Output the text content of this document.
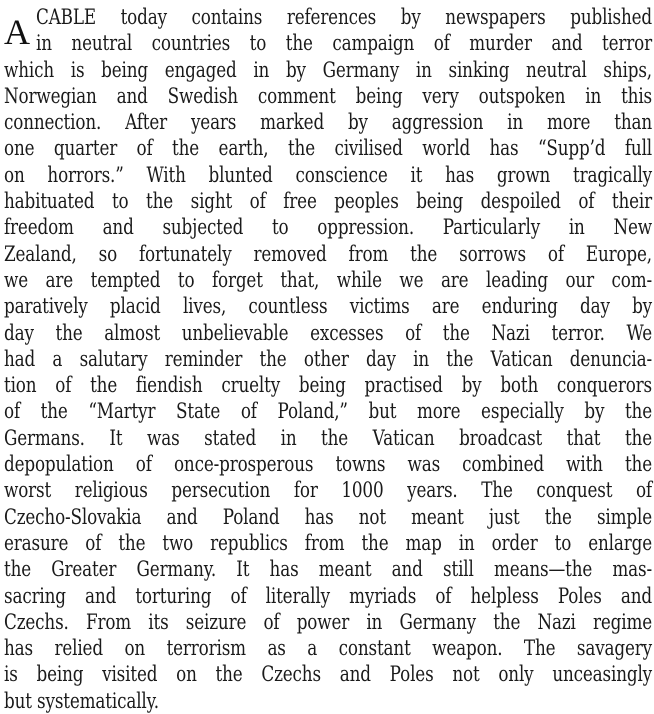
A CABLE today contains references by newspapers published
in neutral countries to the campaign of murder and terror
which is being engaged in by Germany in sinking neutral ships,
Norwegian and Swedish comment being very outspoken in this
connection. After years marked by aggression in more than
one quarter of the earth, the civilised world has “Supp’d full
on horrors.” With blunted conscience it has grown tragically
habituated to the sight of free peoples being despoiled of their
freedom and subjected to oppression. Particularly in New
Zealand, so fortunately removed from the sorrows of Europe,
we are tempted to forget that, while we are leading our com-
paratively placid lives, countless victims are enduring day by
day the almost unbelievable excesses of the Nazi terror. We
had a salutary reminder the other day in the Vatican denuncia-
tion of the fiendish cruelty being practised by both conquerors
of the “Martyr State of Poland,” but more especially by the
Germans. It was stated in the Vatican broadcast that the
depopulation of once-prosperous towns was combined with the
worst religious persecution for 1000 years. The conquest of
Czecho-Slovakia and Poland has not meant just the simple
erasure of the two republics from the map in order to enlarge
the Greater Germany. It has meant and still means—the mas-
sacring and torturing of literally myriads of helpless Poles and
Czechs. From its seizure of power in Germany the Nazi regime
has relied on terrorism as a constant weapon. The savagery
is being visited on the Czechs and Poles not only unceasingly
but systematically.
